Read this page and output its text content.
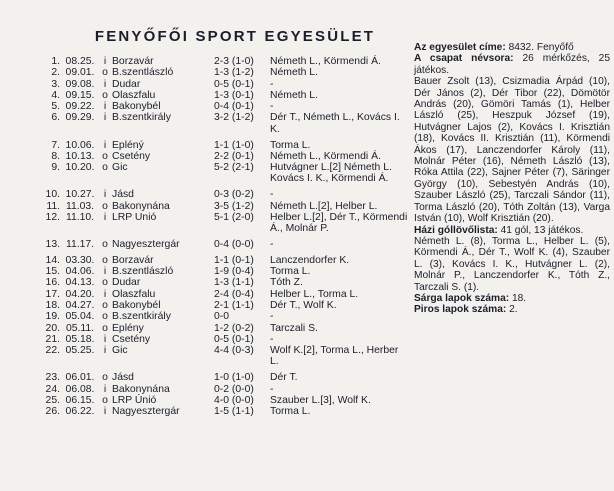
FENYŐFŐI SPORT EGYESÜLET
1. 08.25. i Borzavár	2-3 (1-0)	Németh L., Körmendi Á.
2. 09.01. o B.szentlászló	1-3 (1-2)	Németh L.
3. 09.08. i Dudar	0-5 (0-1)	-
4. 09.15. o Olaszfalu	1-3 (0-1)	Németh L.
5. 09.22. i Bakonybél	0-4 (0-1)	-
6. 09.29. i B.szentkirály	3-2 (1-2)	Dér T., Németh L., Kovács I. K.
7. 10.06. i Epléný	1-1 (1-0)	Torma L.
8. 10.13. o Csetény	2-2 (0-1)	Németh L., Körmendi Á.
9. 10.20. o Gic	5-2 (2-1)	Hutvágner L.[2] Németh L. Kovács I. K., Körmendi Á.
10. 10.27. i Jásd	0-3 (0-2)	-
11. 11.03. o Bakonynána	3-5 (1-2)	Németh L.[2], Helber L.
12. 11.10. i LRP Unió	5-1 (2-0)	Helber L.[2], Dér T., Körmendi Á., Molnár P.
13. 11.17. o Nagyesztergár	0-4 (0-0)	-
14. 03.30. o Borzavár	1-1 (0-1)	Lanczendorfer K.
15. 04.06. i B.szentlászló	1-9 (0-4)	Torma L.
16. 04.13. o Dudar	1-3 (1-1)	Tóth Z.
17. 04.20. i Olaszfalu	2-4 (0-4)	Helber L., Torma L.
18. 04.27. o Bakonybél	2-1 (1-1)	Dér T., Wolf K.
19. 05.04. o B.szentkirály	0-0	-
20. 05.11. o Eplény	1-2 (0-2)	Tarczali S.
21. 05.18. i Csetény	0-5 (0-1)	-
22. 05.25. i Gic	4-4 (0-3)	Wolf K.[2], Torma L., Herber L.
23. 06.01. o Jásd	1-0 (1-0)	Dér T.
24. 06.08. i Bakonynána	0-2 (0-0)	-
25. 06.15. o LRP Únió	4-0 (0-0)	Szauber L.[3], Wolf K.
26. 06.22. i Nagyesztergár	1-5 (1-1)	Torma L.

Az egyesület címe: 8432. Fenyőfő

A csapat névsora: 26 mérkőzés, 25 játékos.

Bauer Zsolt (13), Csizmadia Árpád (10), Dér János (2), Dér Tibor (22), Dömötör András (20), Gömöri Tamás (1), Helber László (25), Heszpuk József (19), Hutvágner Lajos (2), Kovács I. Krisztián (18), Kovács II. Krisztián (11), Körmendi Ákos (17), Lanczendorfer Károly (11), Molnár Péter (16), Németh László (13), Róka Attila (22), Sajner Péter (7), Säringer György (10), Sebestyén András (10), Szauber László (25), Tarczali Sándor (11), Torma László (20), Tóth Zoltán (13), Varga István (10), Wolf Krisztián (20).

Házi góllövőlista: 41 gól, 13 játékos.

Németh L. (8), Torma L., Helber L. (5), Körmendi Á., Dér T., Wolf K. (4), Szauber L. (3), Kovács I. K., Hutvágner L. (2), Molnár P., Lanczendorfer K., Tóth Z., Tarczali S. (1).

Sárga lapok száma: 18.

Piros lapok száma: 2.
